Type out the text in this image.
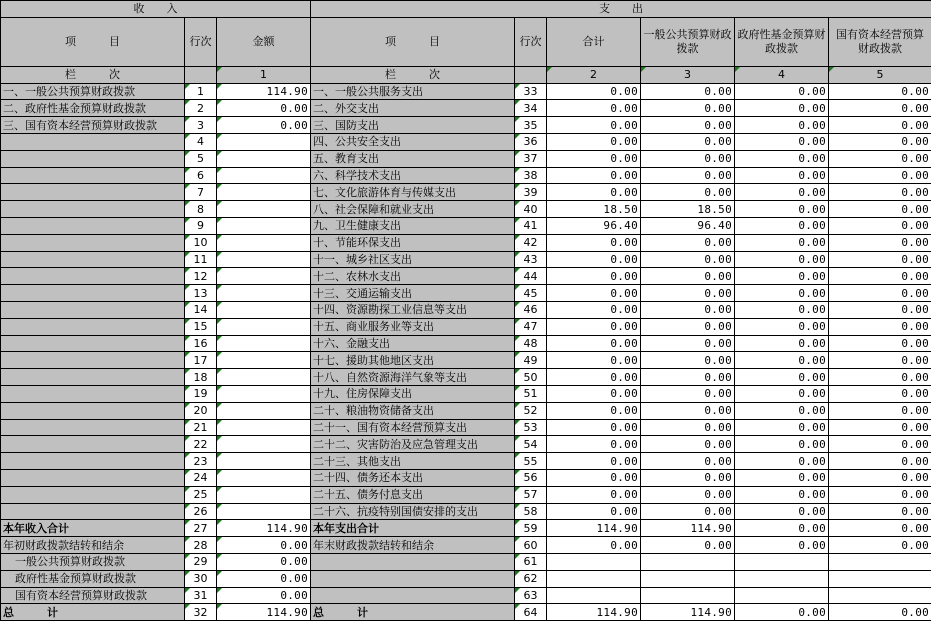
收　　入			支　　出					
项　　　目	行次	金额	项　　　目	行次	合计	一般公共预算财政拨款	政府性基金预算财政拨款	国有资本经营预算财政拨款
栏　　　次		1	栏　　　次		2	3	4	5
一、一般公共预算财政拨款	1	114.90	一、一般公共服务支出	33	0.00	0.00	0.00	0.00
二、政府性基金预算财政拨款	2	0.00	二、外交支出	34	0.00	0.00	0.00	0.00
三、国有资本经营预算财政拨款	3	0.00	三、国防支出	35	0.00	0.00	0.00	0.00
	4		四、公共安全支出	36	0.00	0.00	0.00	0.00
	5		五、教育支出	37	0.00	0.00	0.00	0.00
	6		六、科学技术支出	38	0.00	0.00	0.00	0.00
	7		七、文化旅游体育与传媒支出	39	0.00	0.00	0.00	0.00
	8		八、社会保障和就业支出	40	18.50	18.50	0.00	0.00
	9		九、卫生健康支出	41	96.40	96.40	0.00	0.00
	10		十、节能环保支出	42	0.00	0.00	0.00	0.00
	11		十一、城乡社区支出	43	0.00	0.00	0.00	0.00
	12		十二、农林水支出	44	0.00	0.00	0.00	0.00
	13		十三、交通运输支出	45	0.00	0.00	0.00	0.00
	14		十四、资源勘探工业信息等支出	46	0.00	0.00	0.00	0.00
	15		十五、商业服务业等支出	47	0.00	0.00	0.00	0.00
	16		十六、金融支出	48	0.00	0.00	0.00	0.00
	17		十七、援助其他地区支出	49	0.00	0.00	0.00	0.00
	18		十八、自然资源海洋气象等支出	50	0.00	0.00	0.00	0.00
	19		十九、住房保障支出	51	0.00	0.00	0.00	0.00
	20		二十、粮油物资储备支出	52	0.00	0.00	0.00	0.00
	21		二十一、国有资本经营预算支出	53	0.00	0.00	0.00	0.00
	22		二十二、灾害防治及应急管理支出	54	0.00	0.00	0.00	0.00
	23		二十三、其他支出	55	0.00	0.00	0.00	0.00
	24		二十四、债务还本支出	56	0.00	0.00	0.00	0.00
	25		二十五、债务付息支出	57	0.00	0.00	0.00	0.00
	26		二十六、抗疫特别国债安排的支出	58	0.00	0.00	0.00	0.00
本年收入合计	27	114.90	本年支出合计	59	114.90	114.90	0.00	0.00
年初财政拨款结转和结余	28	0.00	年末财政拨款结转和结余	60	0.00	0.00	0.00	0.00
一般公共预算财政拨款	29	0.00		61				
政府性基金预算财政拨款	30	0.00		62				
国有资本经营预算财政拨款	31	0.00		63				
总　　　计	32	114.90	总　　　计	64	114.90	114.90	0.00	0.00
